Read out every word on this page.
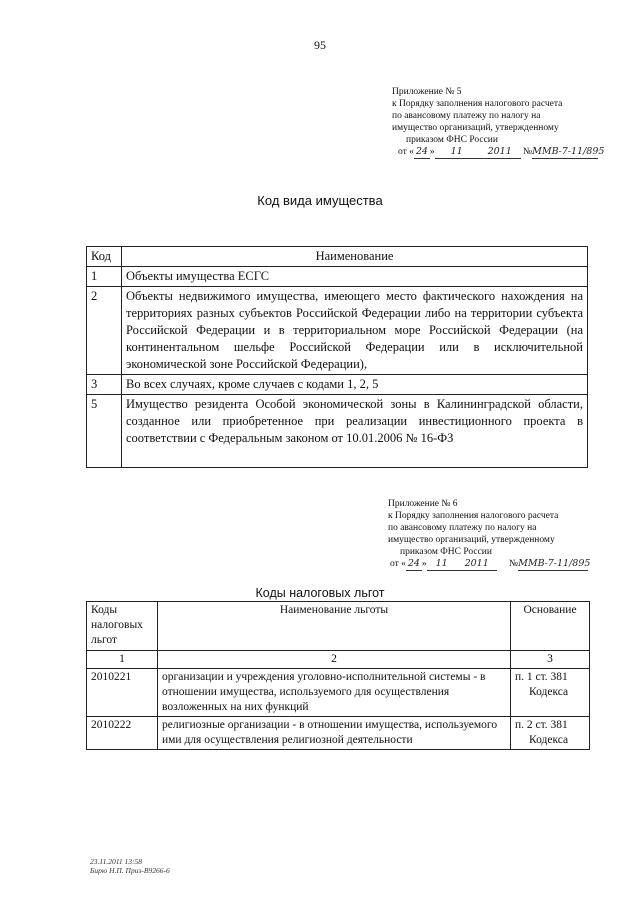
95
Приложение № 5
к Порядку заполнения налогового расчета
по авансовому платежу по налогу на
имущество организаций, утвержденному
приказом ФНС России
от « 24 » 11	2011 №ММВ-7-11/895
Код вида имущества
Код	Наименование
1	Объекты имущества ЕСГС
2	Объекты недвижимого имущества, имеющего место фактического нахождения на территориях разных субъектов Российской Федерации либо на территории субъекта Российской Федерации и в территориальном море Российской Федерации (на континентальном шельфе Российской Федерации или в исключительной экономической зоне Российской Федерации),
3	Во всех случаях, кроме случаев с кодами 1, 2, 5
5	Имущество резидента Особой экономической зоны в Калининградской области, созданное или приобретенное при реализации инвестиционного проекта в соответствии с Федеральным законом от 10.01.2006 № 16-ФЗ
Приложение № 6
к Порядку заполнения налогового расчета
по авансовому платежу по налогу на
имущество организаций, утвержденному
приказом ФНС России
от « 24 » 11 2011 №ММВ-7-11/895
Коды налоговых льгот
Коды налоговых льгот	Наименование льготы	Основание
1	2	3
2010221	организации и учреждения уголовно-исполнительной системы - в отношении имущества, используемого для осуществления возложенных на них функций	п. 1 ст. 381
Кодекса

2010222	религиозные организации - в отношении имущества, используемого ими для осуществления религиозной деятельности	п. 2 ст. 381
Кодекса
23.11.2011 13:58
Бирю Н.П. Приз-В9266-6
